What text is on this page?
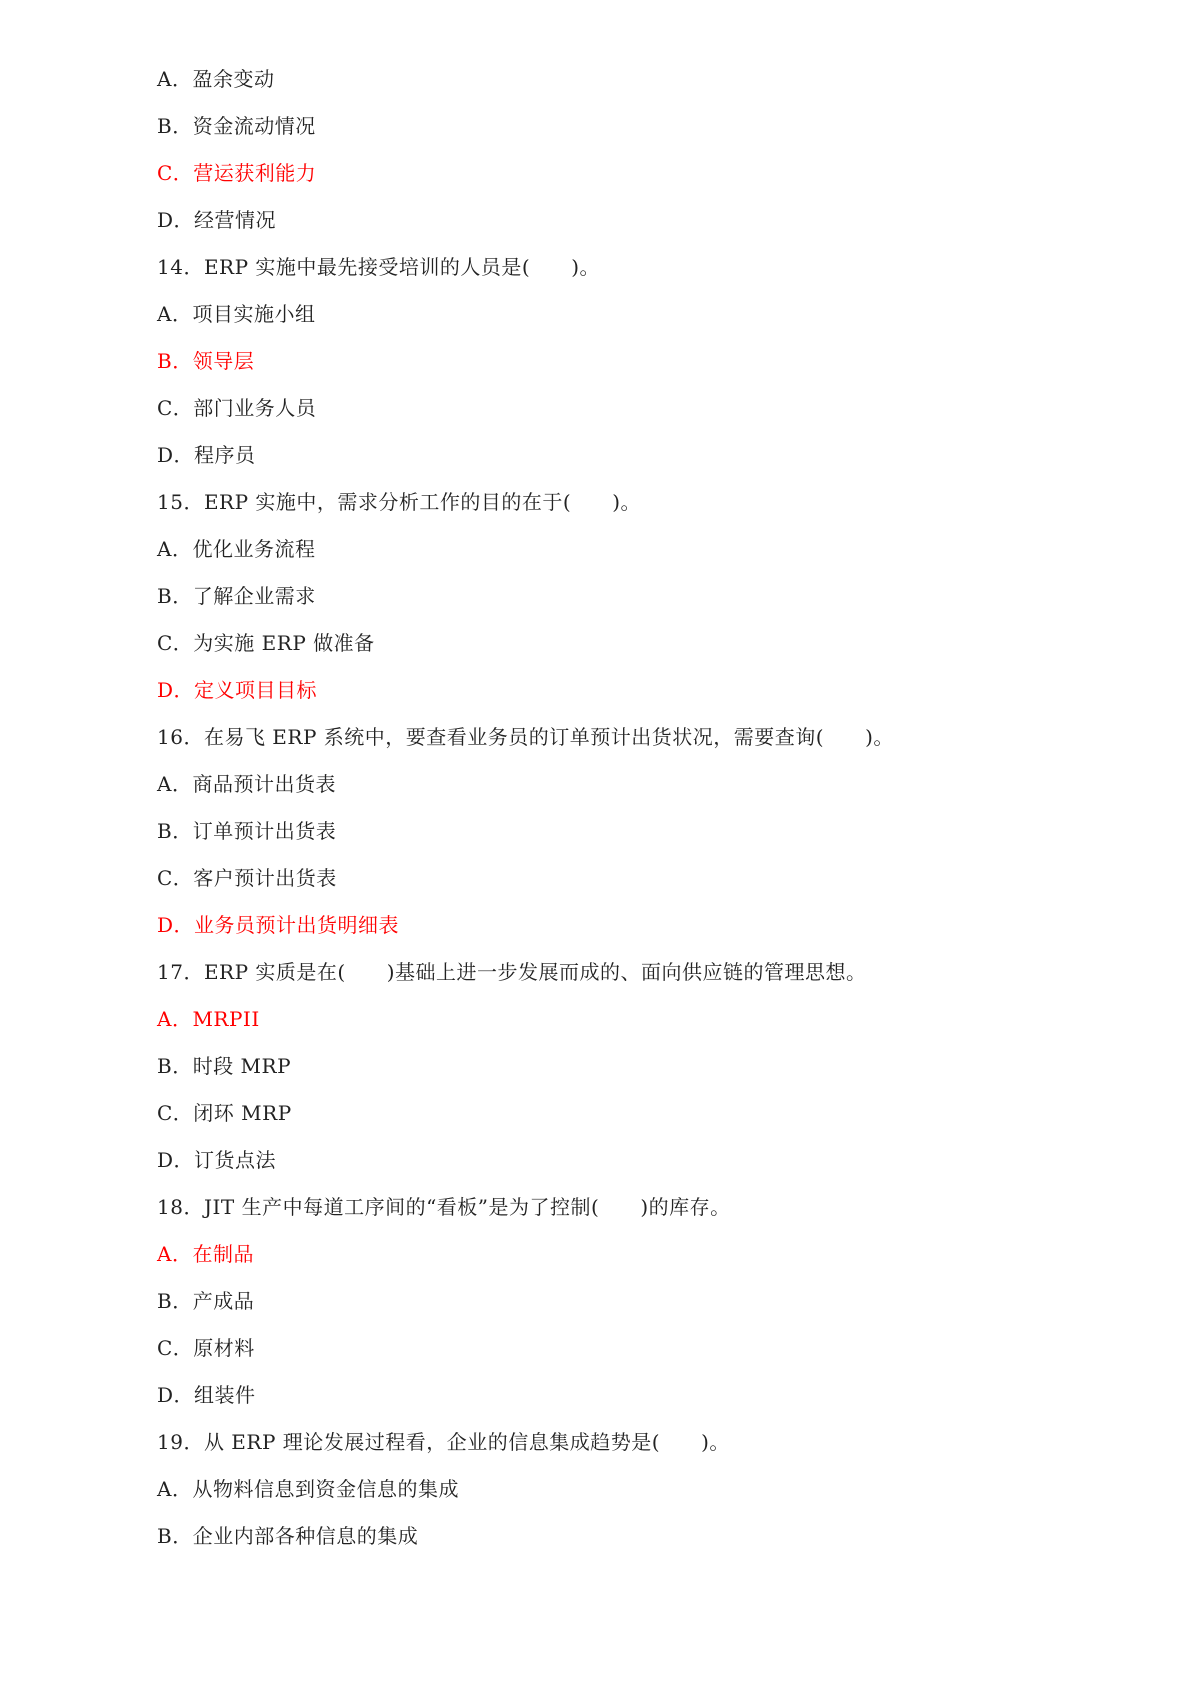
A．盈余变动
B．资金流动情况
C．营运获利能力
D．经营情况
14．ERP 实施中最先接受培训的人员是(　　)。
A．项目实施小组
B．领导层
C．部门业务人员
D．程序员
15．ERP 实施中，需求分析工作的目的在于(　　)。
A．优化业务流程
B．了解企业需求
C．为实施 ERP 做准备
D．定义项目目标
16．在易飞 ERP 系统中，要查看业务员的订单预计出货状况，需要查询(　　)。
A．商品预计出货表
B．订单预计出货表
C．客户预计出货表
D．业务员预计出货明细表
17．ERP 实质是在(　　)基础上进一步发展而成的、面向供应链的管理思想。
A．MRPII
B．时段 MRP
C．闭环 MRP
D．订货点法
18．JIT 生产中每道工序间的“看板”是为了控制(　　)的库存。
A．在制品
B．产成品
C．原材料
D．组装件
19．从 ERP 理论发展过程看，企业的信息集成趋势是(　　)。
A．从物料信息到资金信息的集成
B．企业内部各种信息的集成
